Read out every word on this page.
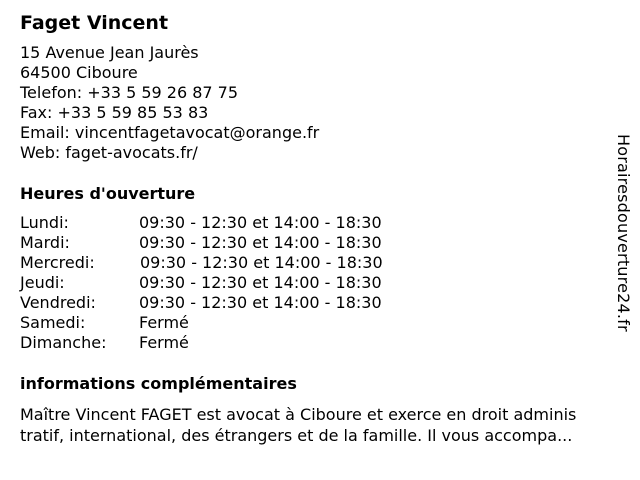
Faget Vincent
15 Avenue Jean Jaurès
64500 Ciboure
Telefon: +33 5 59 26 87 75
Fax: +33 5 59 85 53 83
Email: vincentfagetavocat@orange.fr
Web: faget-avocats.fr/
Heures d'ouverture
Lundi:	09:30 - 12:30 et 14:00 - 18:30
Mardi:	09:30 - 12:30 et 14:00 - 18:30
Mercredi:	09:30 - 12:30 et 14:00 - 18:30
Jeudi:	09:30 - 12:30 et 14:00 - 18:30
Vendredi:	09:30 - 12:30 et 14:00 - 18:30
Samedi:	Fermé
Dimanche: Fermé
informations complémentaires
Maître Vincent FAGET est avocat à Ciboure et exerce en droit adminis
tratif, international, des étrangers et de la famille. Il vous accompa...
Horairesdouverture24.fr
